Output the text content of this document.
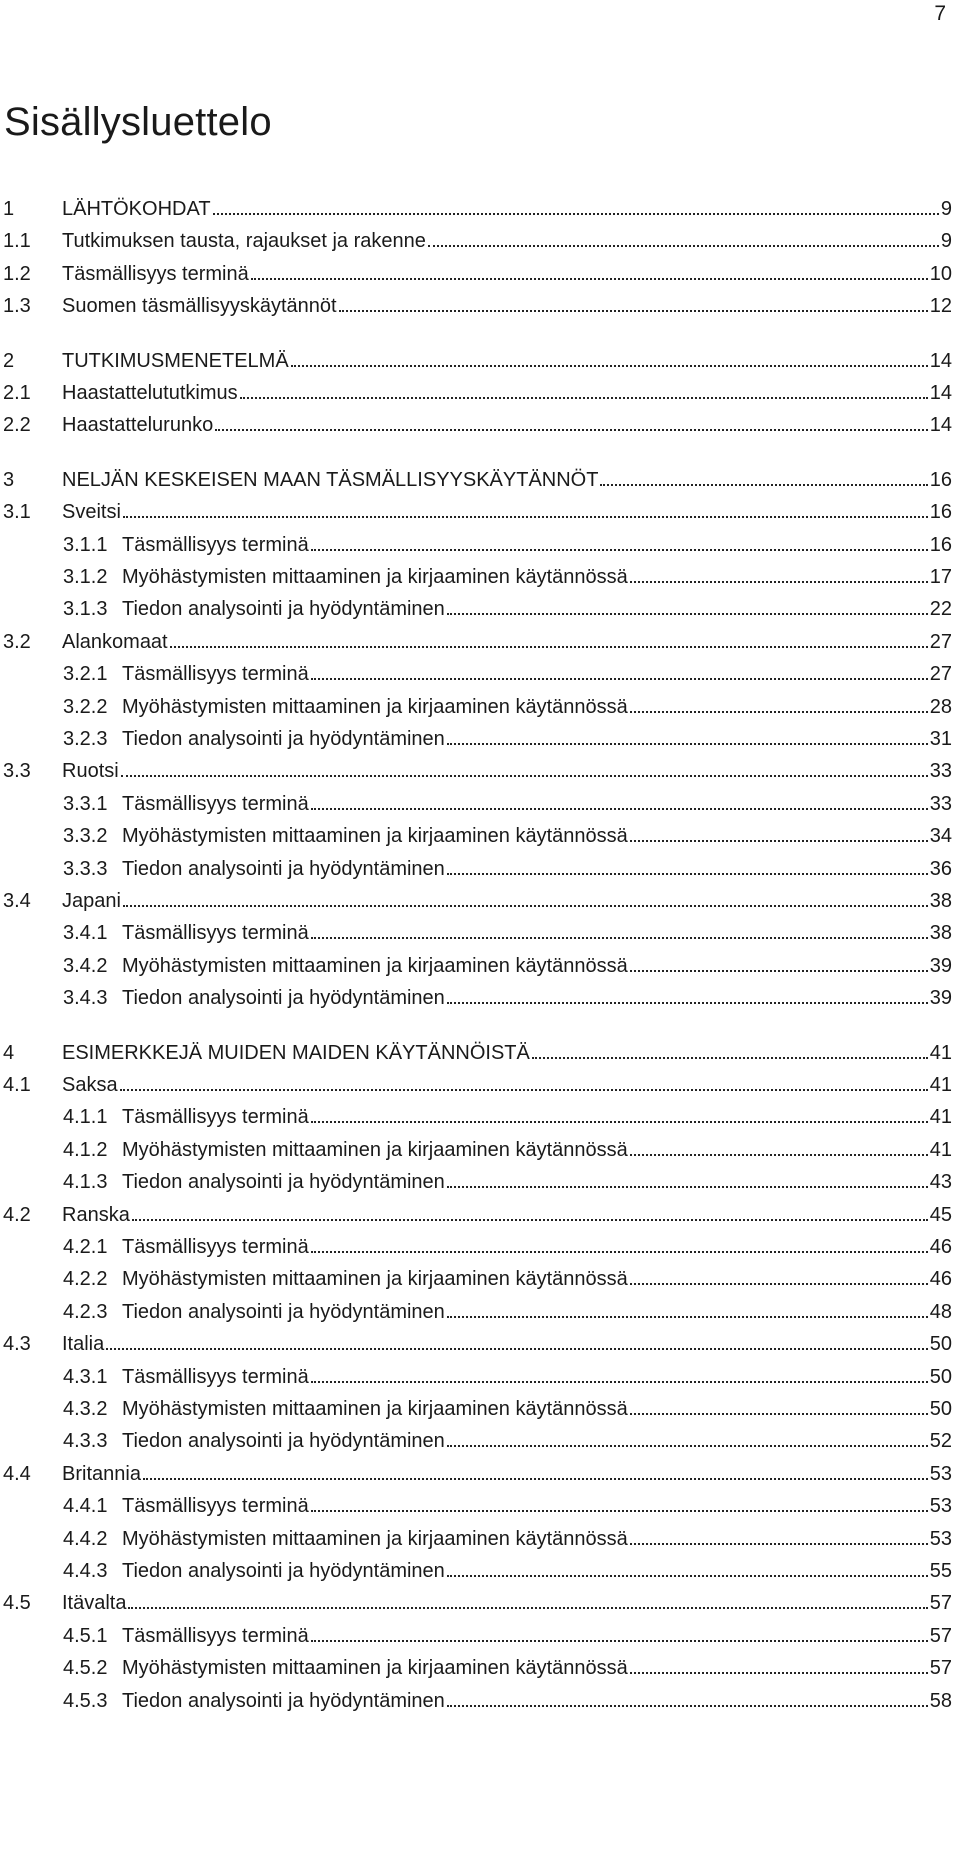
7
Sisällysluettelo
1 LÄHTÖKOHDAT	9
1.1 Tutkimuksen tausta, rajaukset ja rakenne	9
1.2 Täsmällisyys terminä	10
1.3 Suomen täsmällisyyskäytännöt	12
2 TUTKIMUSMENETELMÄ	14
2.1 Haastattelututkimus	14
2.2 Haastattelurunko	14
3 NELJÄN KESKEISEN MAAN TÄSMÄLLISYYSKÄYTÄNNÖT	16
3.1 Sveitsi	16
3.1.1 Täsmällisyys terminä	16
3.1.2 Myöhästymisten mittaaminen ja kirjaaminen käytännössä	17
3.1.3 Tiedon analysointi ja hyödyntäminen	22
3.2 Alankomaat	27
3.2.1 Täsmällisyys terminä	27
3.2.2 Myöhästymisten mittaaminen ja kirjaaminen käytännössä	28
3.2.3 Tiedon analysointi ja hyödyntäminen	31
3.3 Ruotsi	33
3.3.1 Täsmällisyys terminä	33
3.3.2 Myöhästymisten mittaaminen ja kirjaaminen käytännössä	34
3.3.3 Tiedon analysointi ja hyödyntäminen	36
3.4 Japani	38
3.4.1 Täsmällisyys terminä	38
3.4.2 Myöhästymisten mittaaminen ja kirjaaminen käytännössä	39
3.4.3 Tiedon analysointi ja hyödyntäminen	39
4 ESIMERKKEJÄ MUIDEN MAIDEN KÄYTÄNNÖISTÄ	41
4.1 Saksa	41
4.1.1 Täsmällisyys terminä	41
4.1.2 Myöhästymisten mittaaminen ja kirjaaminen käytännössä	41
4.1.3 Tiedon analysointi ja hyödyntäminen	43
4.2 Ranska	45
4.2.1 Täsmällisyys terminä	46
4.2.2 Myöhästymisten mittaaminen ja kirjaaminen käytännössä	46
4.2.3 Tiedon analysointi ja hyödyntäminen	48
4.3 Italia	50
4.3.1 Täsmällisyys terminä	50
4.3.2 Myöhästymisten mittaaminen ja kirjaaminen käytännössä	50
4.3.3 Tiedon analysointi ja hyödyntäminen	52
4.4 Britannia	53
4.4.1 Täsmällisyys terminä	53
4.4.2 Myöhästymisten mittaaminen ja kirjaaminen käytännössä	53
4.4.3 Tiedon analysointi ja hyödyntäminen	55
4.5 Itävalta	57
4.5.1 Täsmällisyys terminä	57
4.5.2 Myöhästymisten mittaaminen ja kirjaaminen käytännössä	57
4.5.3 Tiedon analysointi ja hyödyntäminen	58
